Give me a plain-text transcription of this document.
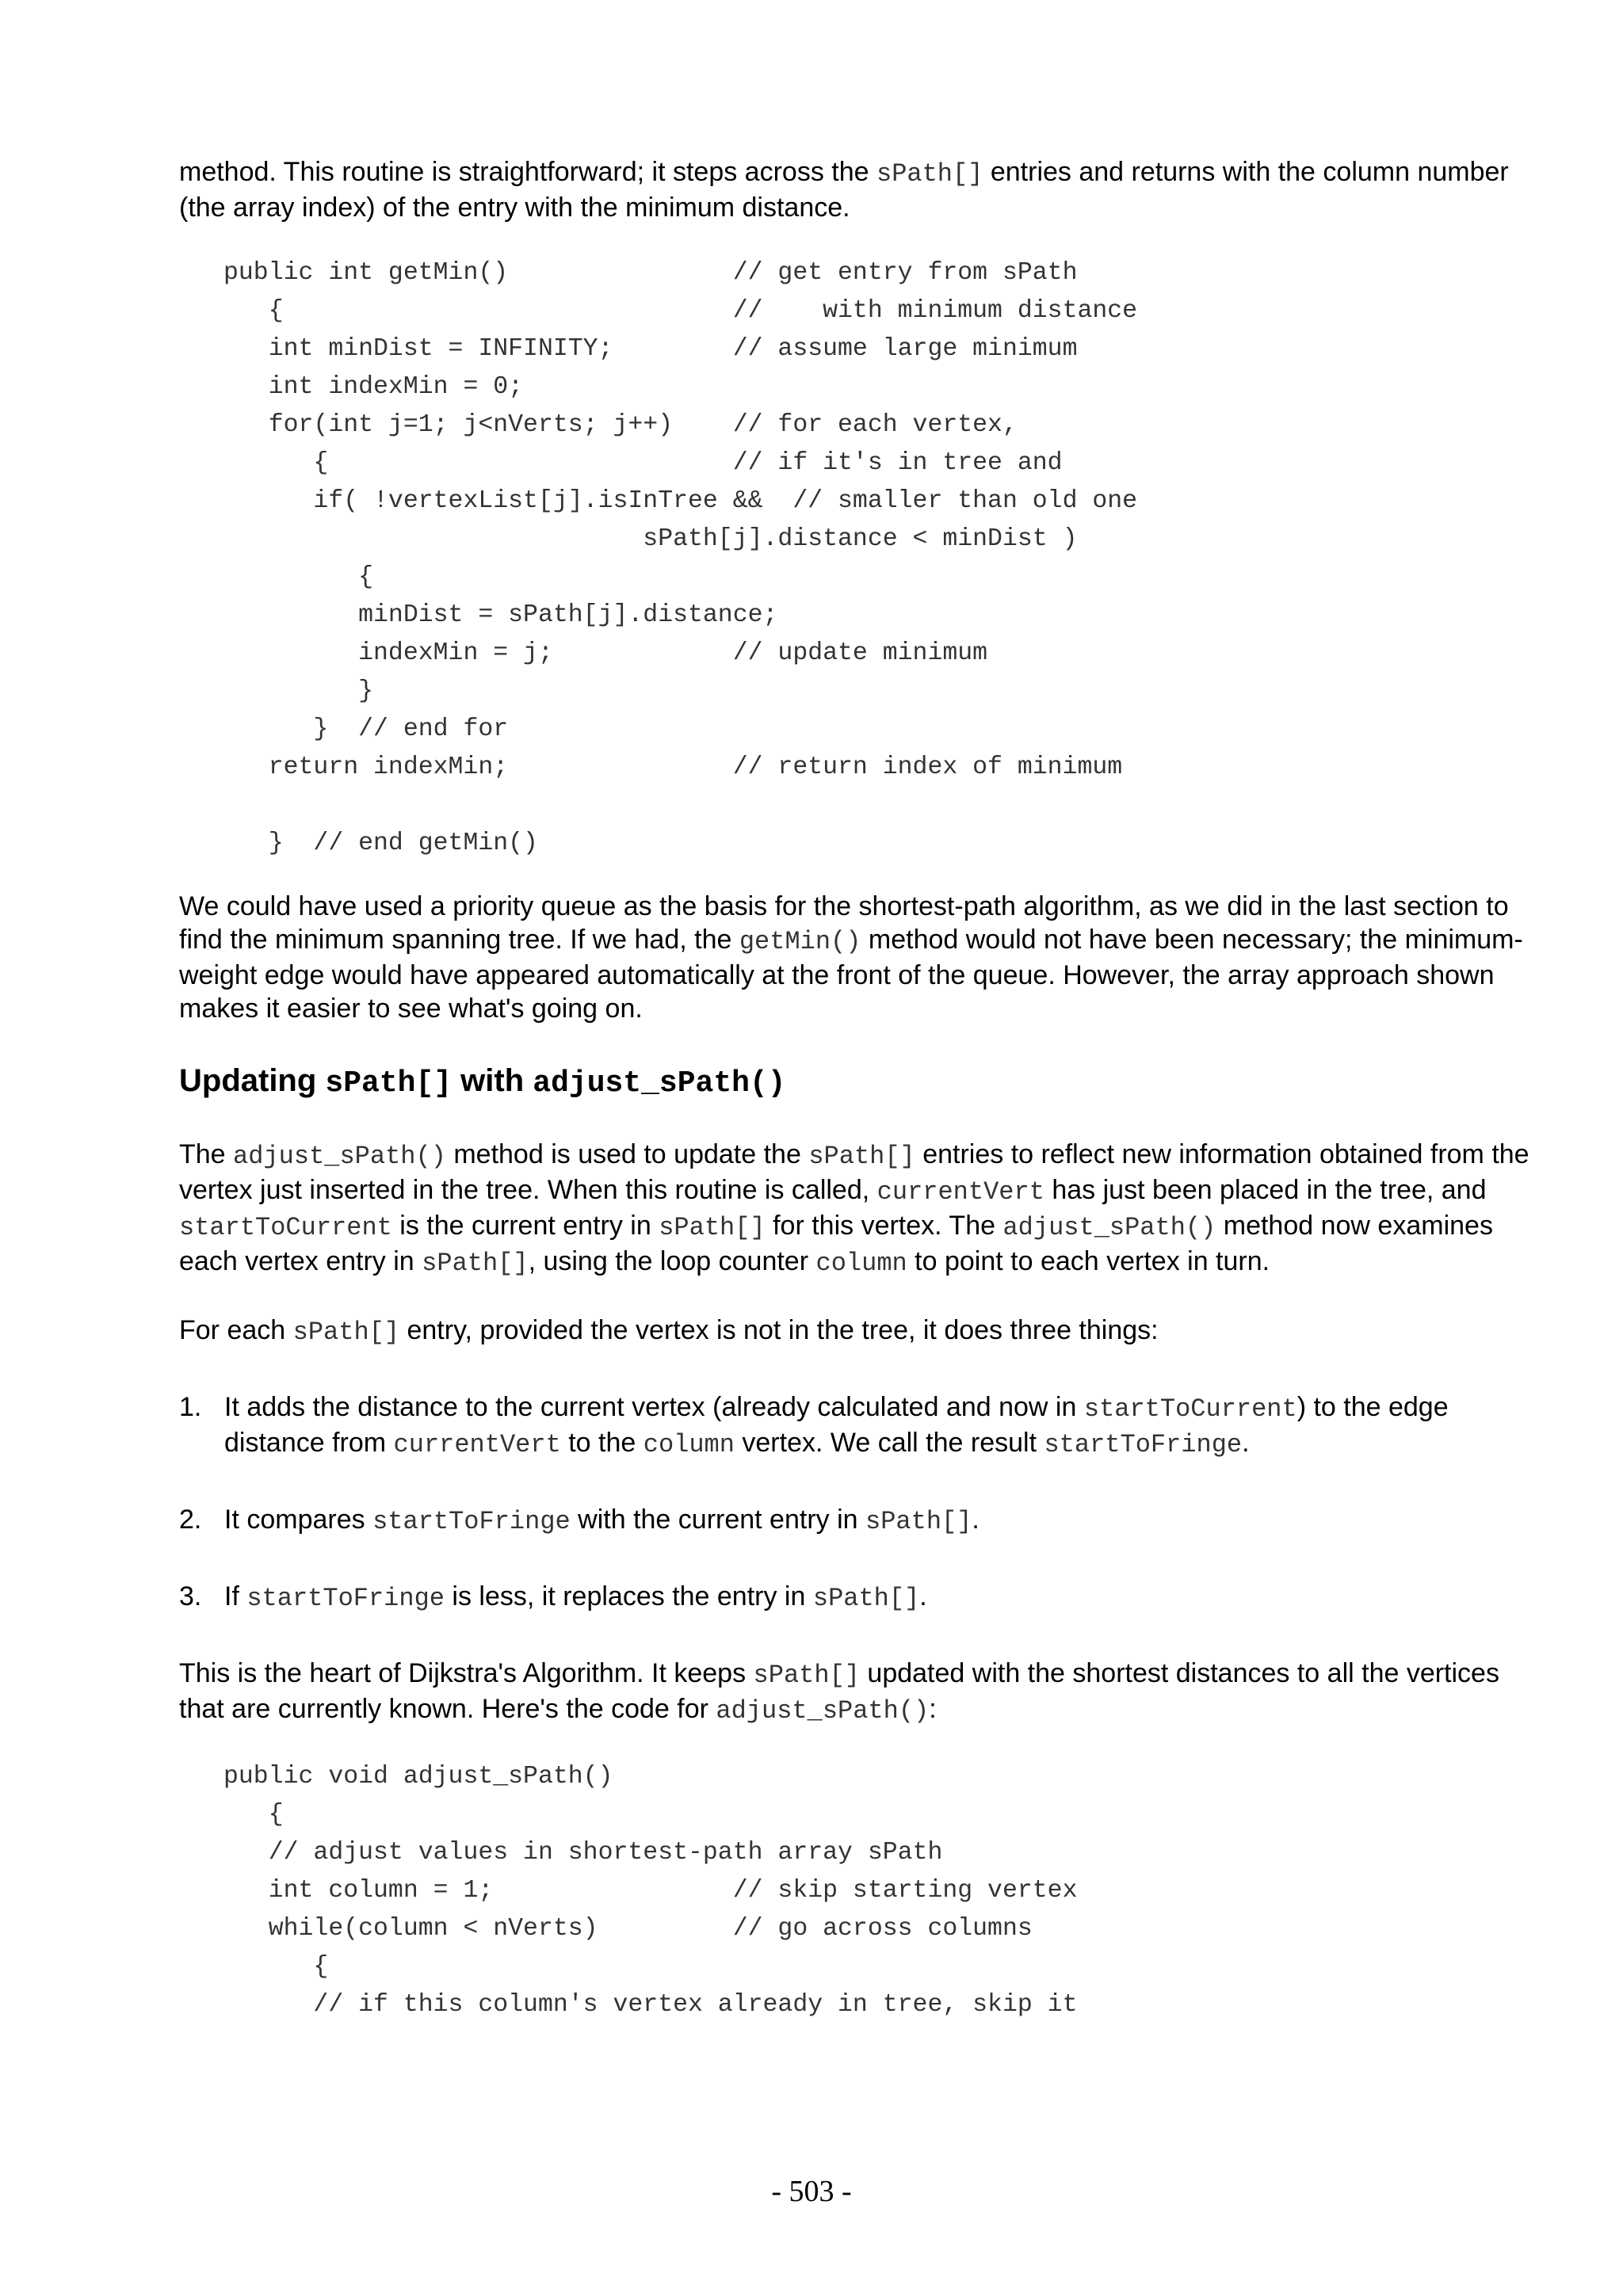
method. This routine is straightforward; it steps across the sPath[] entries and returns with the column number (the array index) of the entry with the minimum distance.

public int getMin()               // get entry from sPath
{                              //    with minimum distance
int minDist = INFINITY;        // assume large minimum
int indexMin = 0;
for(int j=1; j<nVerts; j++)    // for each vertex,
{                           // if it's in tree and
if( !vertexList[j].isInTree &&  // smaller than old one
sPath[j].distance < minDist )
{
minDist = sPath[j].distance;
indexMin = j;            // update minimum
}
}  // end for
return indexMin;               // return index of minimum
}  // end getMin()

We could have used a priority queue as the basis for the shortest-path algorithm, as we did in the last section to find the minimum spanning tree. If we had, the getMin() method would not have been necessary; the minimum-weight edge would have appeared automatically at the front of the queue. However, the array approach shown makes it easier to see what's going on.

Updating sPath[] with adjust_sPath()

The adjust_sPath() method is used to update the sPath[] entries to reflect new information obtained from the vertex just inserted in the tree. When this routine is called, currentVert has just been placed in the tree, and startToCurrent is the current entry in sPath[] for this vertex. The adjust_sPath() method now examines each vertex entry in sPath[], using the loop counter column to point to each vertex in turn.

For each sPath[] entry, provided the vertex is not in the tree, it does three things:

1. It adds the distance to the current vertex (already calculated and now in startToCurrent) to the edge distance from currentVert to the column vertex. We call the result startToFringe.
2. It compares startToFringe with the current entry in sPath[].
3. If startToFringe is less, it replaces the entry in sPath[].

This is the heart of Dijkstra's Algorithm. It keeps sPath[] updated with the shortest distances to all the vertices that are currently known. Here's the code for adjust_sPath():

public void adjust_sPath()
{
// adjust values in shortest-path array sPath
int column = 1;                // skip starting vertex
while(column < nVerts)         // go across columns
{
// if this column's vertex already in tree, skip it
- 503 -
